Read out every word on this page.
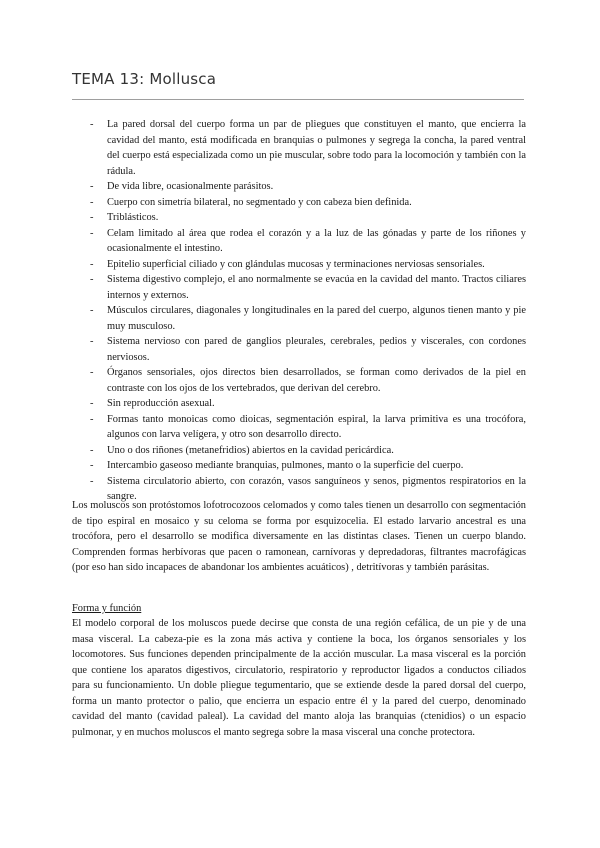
TEMA 13: Mollusca
- La pared dorsal del cuerpo forma un par de pliegues que constituyen el manto, que encierra la cavidad del manto, está modificada en branquias o pulmones y segrega la concha, la pared ventral del cuerpo está especializada como un pie muscular, sobre todo para la locomoción y también con la rádula.
- De vida libre, ocasionalmente parásitos.
- Cuerpo con simetría bilateral, no segmentado y con cabeza bien definida.
- Triblásticos.
- Celam limitado al área que rodea el corazón y a la luz de las gónadas y parte de los riñones y ocasionalmente el intestino.
- Epitelio superficial ciliado y con glándulas mucosas y terminaciones nerviosas sensoriales.
- Sistema digestivo complejo, el ano normalmente se evacúa en la cavidad del manto. Tractos ciliares internos y externos.
- Músculos circulares, diagonales y longitudinales en la pared del cuerpo, algunos tienen manto y pie muy musculoso.
- Sistema nervioso con pared de ganglios pleurales, cerebrales, pedios y viscerales, con cordones nerviosos.
- Órganos sensoriales, ojos directos bien desarrollados, se forman como derivados de la piel en contraste con los ojos de los vertebrados, que derivan del cerebro.
- Sin reproducción asexual.
- Formas tanto monoicas como dioicas, segmentación espiral, la larva primitiva es una trocófora, algunos con larva velígera, y otro son desarrollo directo.
- Uno o dos riñones (metanefridios) abiertos en la cavidad pericárdica.
- Intercambio gaseoso mediante branquias, pulmones, manto o la superficie del cuerpo.
- Sistema circulatorio abierto, con corazón, vasos sanguíneos y senos, pigmentos respiratorios en la sangre.

Los moluscos son protóstomos lofotrocozoos celomados y como tales tienen un desarrollo con segmentación de tipo espiral en mosaico y su celoma se forma por esquizocelia. El estado larvario ancestral es una trocófora, pero el desarrollo se modifica diversamente en las distintas clases. Tienen un cuerpo blando. Comprenden formas herbívoras que pacen o ramonean, carnívoras y depredadoras, filtrantes macrofágicas (por eso han sido incapaces de abandonar los ambientes acuáticos) , detritívoras y también parásitas.

Forma y función

El modelo corporal de los moluscos puede decirse que consta de una región cefálica, de un pie y de una masa visceral. La cabeza-pie es la zona más activa y contiene la boca, los órganos sensoriales y los locomotores. Sus funciones dependen principalmente de la acción muscular. La masa visceral es la porción que contiene los aparatos digestivos, circulatorio, respiratorio y reproductor ligados a conductos ciliados para su funcionamiento. Un doble pliegue tegumentario, que se extiende desde la pared dorsal del cuerpo, forma un manto protector o palio, que encierra un espacio entre él y la pared del cuerpo, denominado cavidad del manto (cavidad paleal). La cavidad del manto aloja las branquias (ctenidios) o un espacio pulmonar, y en muchos moluscos el manto segrega sobre la masa visceral una conche protectora.
